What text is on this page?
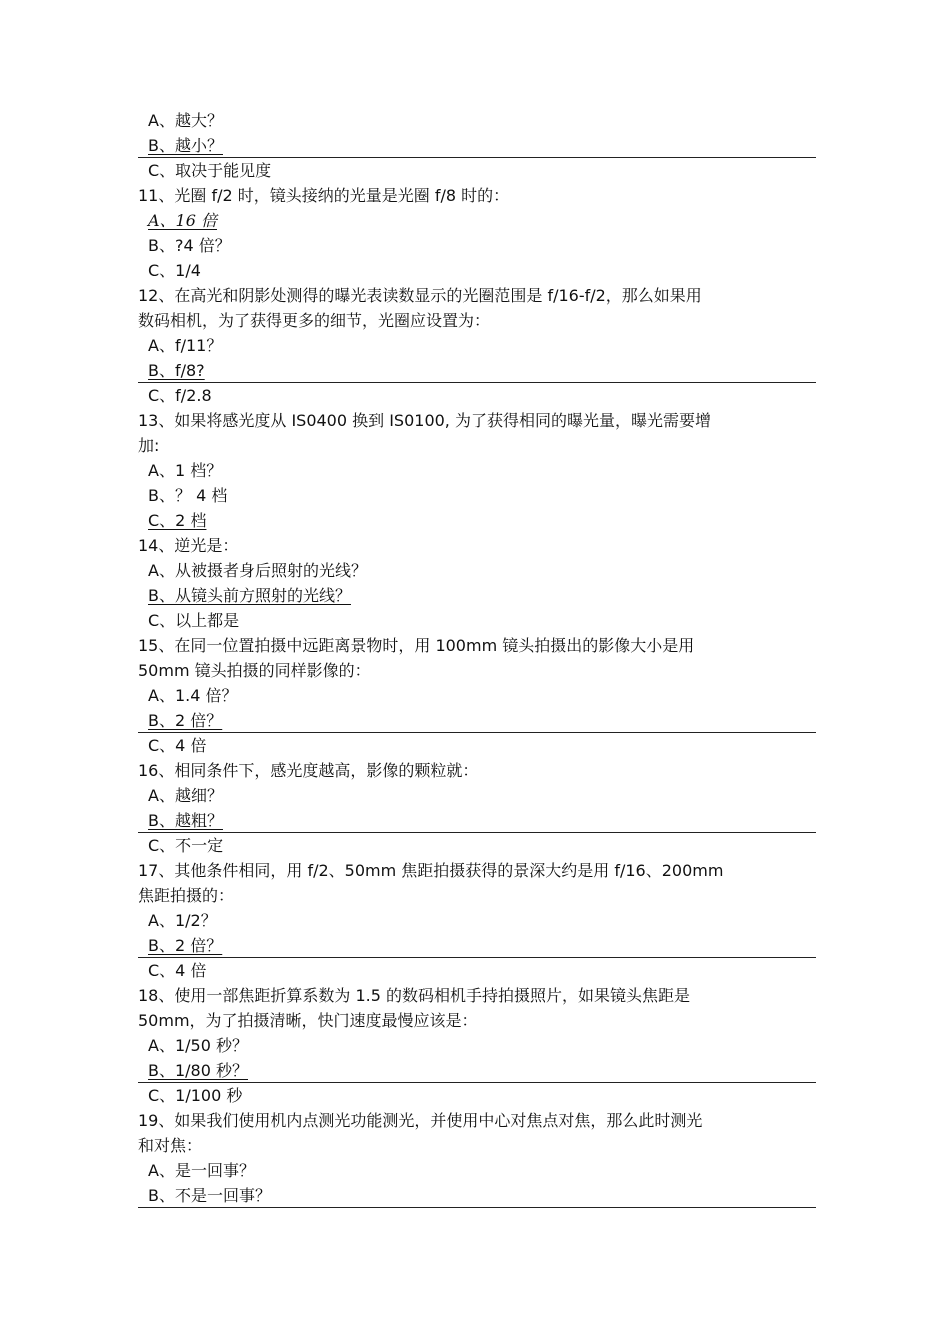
A、越大？
B、越小？
C、取决于能见度
11、光圈 f/2 时，镜头接纳的光量是光圈 f/8 时的：
A、16 倍
B、?4 倍？
C、1/4
12、在高光和阴影处测得的曝光表读数显示的光圈范围是 f/16-f/2，那么如果用
数码相机，为了获得更多的细节，光圈应设置为：
A、f/11？
B、f/8?
C、f/2.8
13、如果将感光度从 IS0400 换到 IS0100, 为了获得相同的曝光量，曝光需要增
加:
A、1 档？
B、？ 4 档
C、2 档
14、逆光是：
A、从被摄者身后照射的光线？
B、从镜头前方照射的光线？
C、以上都是
15、在同一位置拍摄中远距离景物时，用 100mm 镜头拍摄出的影像大小是用
50mm 镜头拍摄的同样影像的：
A、1.4 倍？
B、2 倍？
C、4 倍
16、相同条件下，感光度越高，影像的颗粒就：
A、越细？
B、越粗？
C、不一定
17、其他条件相同，用 f/2、50mm 焦距拍摄获得的景深大约是用 f/16、200mm
焦距拍摄的：
A、1/2？
B、2 倍？
C、4 倍
18、使用一部焦距折算系数为 1.5 的数码相机手持拍摄照片，如果镜头焦距是
50mm，为了拍摄清晰，快门速度最慢应该是：
A、1/50 秒？
B、1/80 秒？
C、1/100 秒
19、如果我们使用机内点测光功能测光，并使用中心对焦点对焦，那么此时测光
和对焦：
A、是一回事？
B、不是一回事？
